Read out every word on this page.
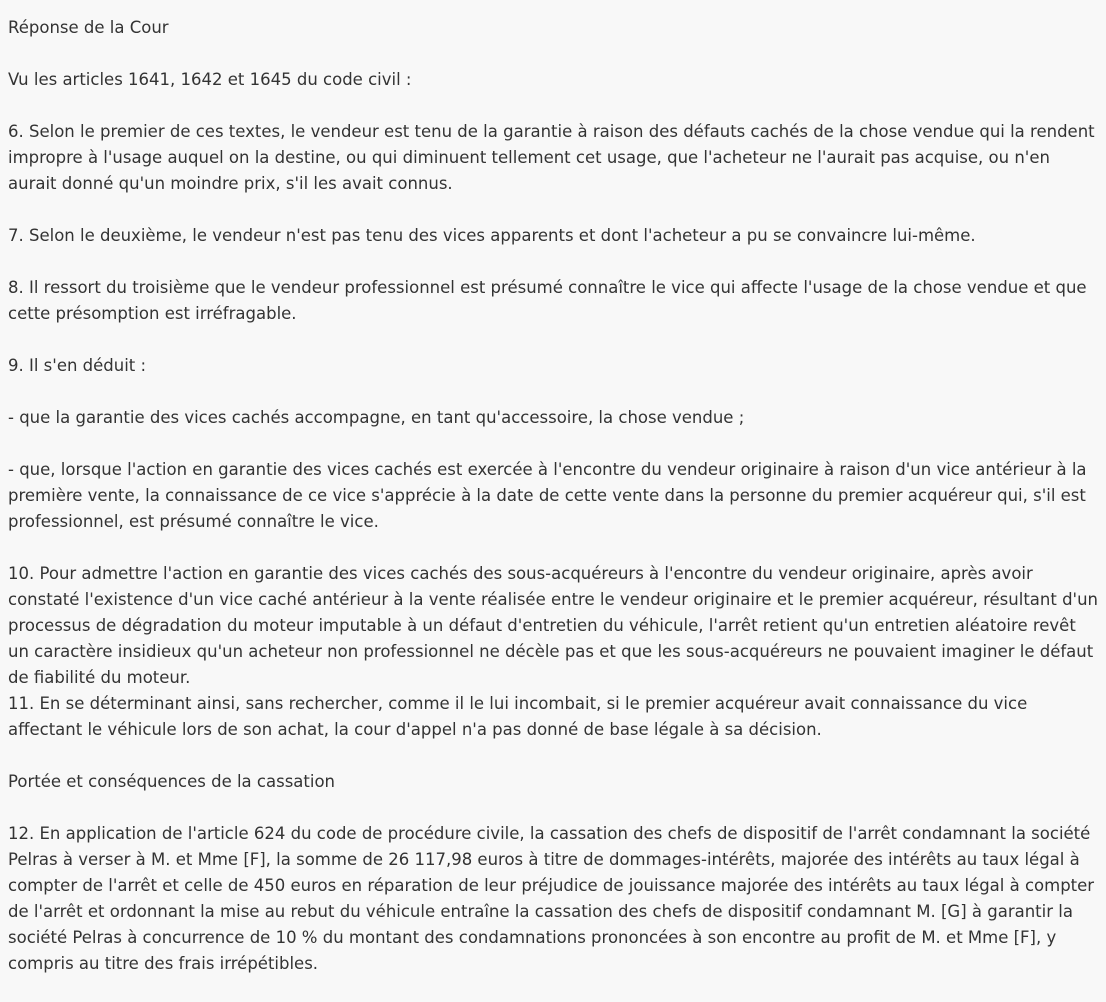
Réponse de la Cour

Vu les articles 1641, 1642 et 1645 du code civil :

6. Selon le premier de ces textes, le vendeur est tenu de la garantie à raison des défauts cachés de la chose vendue qui la rendent impropre à l'usage auquel on la destine, ou qui diminuent tellement cet usage, que l'acheteur ne l'aurait pas acquise, ou n'en aurait donné qu'un moindre prix, s'il les avait connus.

7. Selon le deuxième, le vendeur n'est pas tenu des vices apparents et dont l'acheteur a pu se convaincre lui-même.

8. Il ressort du troisième que le vendeur professionnel est présumé connaître le vice qui affecte l'usage de la chose vendue et que cette présomption est irréfragable.

9. Il s'en déduit :

- que la garantie des vices cachés accompagne, en tant qu'accessoire, la chose vendue ;

- que, lorsque l'action en garantie des vices cachés est exercée à l'encontre du vendeur originaire à raison d'un vice antérieur à la première vente, la connaissance de ce vice s'apprécie à la date de cette vente dans la personne du premier acquéreur qui, s'il est professionnel, est présumé connaître le vice.

10. Pour admettre l'action en garantie des vices cachés des sous-acquéreurs à l'encontre du vendeur originaire, après avoir constaté l'existence d'un vice caché antérieur à la vente réalisée entre le vendeur originaire et le premier acquéreur, résultant d'un processus de dégradation du moteur imputable à un défaut d'entretien du véhicule, l'arrêt retient qu'un entretien aléatoire revêt un caractère insidieux qu'un acheteur non professionnel ne décèle pas et que les sous-acquéreurs ne pouvaient imaginer le défaut de fiabilité du moteur.

11. En se déterminant ainsi, sans rechercher, comme il le lui incombait, si le premier acquéreur avait connaissance du vice affectant le véhicule lors de son achat, la cour d'appel n'a pas donné de base légale à sa décision.

Portée et conséquences de la cassation

12. En application de l'article 624 du code de procédure civile, la cassation des chefs de dispositif de l'arrêt condamnant la société Pelras à verser à M. et Mme [F], la somme de 26 117,98 euros à titre de dommages-intérêts, majorée des intérêts au taux légal à compter de l'arrêt et celle de 450 euros en réparation de leur préjudice de jouissance majorée des intérêts au taux légal à compter de l'arrêt et ordonnant la mise au rebut du véhicule entraîne la cassation des chefs de dispositif condamnant M. [G] à garantir la société Pelras à concurrence de 10 % du montant des condamnations prononcées à son encontre au profit de M. et Mme [F], y compris au titre des frais irrépétibles.
